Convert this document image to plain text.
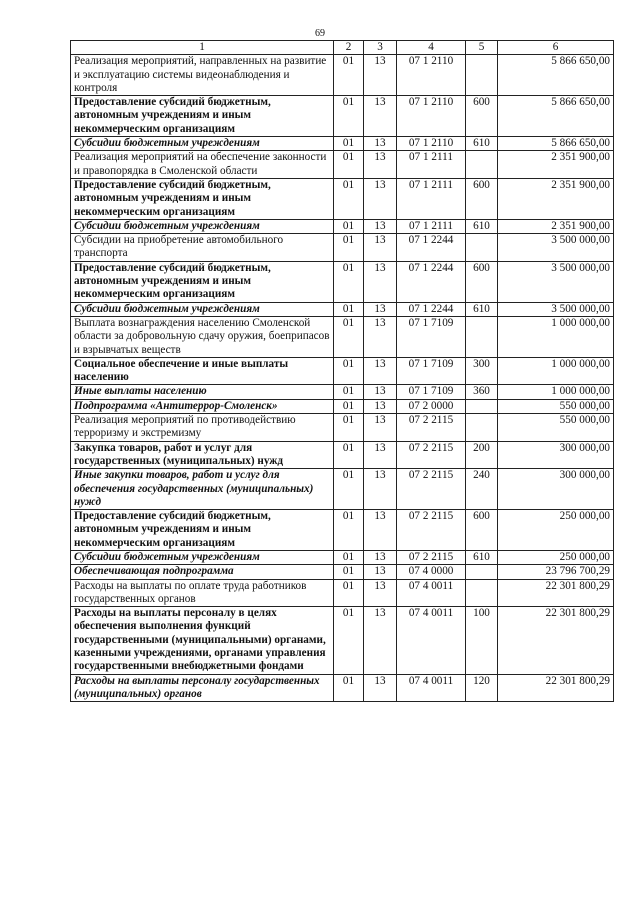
69
1	2	3	4	5	6
Реализация мероприятий, направленных на развитие и эксплуатацию системы видеонаблюдения и контроля	01	13	07 1 2110		5 866 650,00
Предоставление субсидий бюджетным, автономным учреждениям и иным некоммерческим организациям	01	13	07 1 2110	600	5 866 650,00
Субсидии бюджетным учреждениям	01	13	07 1 2110	610	5 866 650,00
Реализация мероприятий на обеспечение законности и правопорядка в Смоленской области	01	13	07 1 2111		2 351 900,00
Предоставление субсидий бюджетным, автономным учреждениям и иным некоммерческим организациям	01	13	07 1 2111	600	2 351 900,00
Субсидии бюджетным учреждениям	01	13	07 1 2111	610	2 351 900,00
Субсидии на приобретение автомобильного транспорта	01	13	07 1 2244		3 500 000,00
Предоставление субсидий бюджетным, автономным учреждениям и иным некоммерческим организациям	01	13	07 1 2244	600	3 500 000,00
Субсидии бюджетным учреждениям	01	13	07 1 2244	610	3 500 000,00
Выплата вознаграждения населению Смоленской области за добровольную сдачу оружия, боеприпасов и взрывчатых веществ	01	13	07 1 7109		1 000 000,00
Социальное обеспечение и иные выплаты населению	01	13	07 1 7109	300	1 000 000,00
Иные выплаты населению	01	13	07 1 7109	360	1 000 000,00
Подпрограмма «Антитеррор-Смоленск»	01	13	07 2 0000		550 000,00
Реализация мероприятий по противодействию терроризму и экстремизму	01	13	07 2 2115		550 000,00
Закупка товаров, работ и услуг для государственных (муниципальных) нужд	01	13	07 2 2115	200	300 000,00
Иные закупки товаров, работ и услуг для обеспечения государственных (муниципальных) нужд	01	13	07 2 2115	240	300 000,00
Предоставление субсидий бюджетным, автономным учреждениям и иным некоммерческим организациям	01	13	07 2 2115	600	250 000,00
Субсидии бюджетным учреждениям	01	13	07 2 2115	610	250 000,00
Обеспечивающая подпрограмма	01	13	07 4 0000		23 796 700,29
Расходы на выплаты по оплате труда работников государственных органов	01	13	07 4 0011		22 301 800,29
Расходы на выплаты персоналу в целях обеспечения выполнения функций государственными (муниципальными) органами, казенными учреждениями, органами управления государственными внебюджетными фондами	01	13	07 4 0011	100	22 301 800,29
Расходы на выплаты персоналу государственных (муниципальных) органов	01	13	07 4 0011	120	22 301 800,29
